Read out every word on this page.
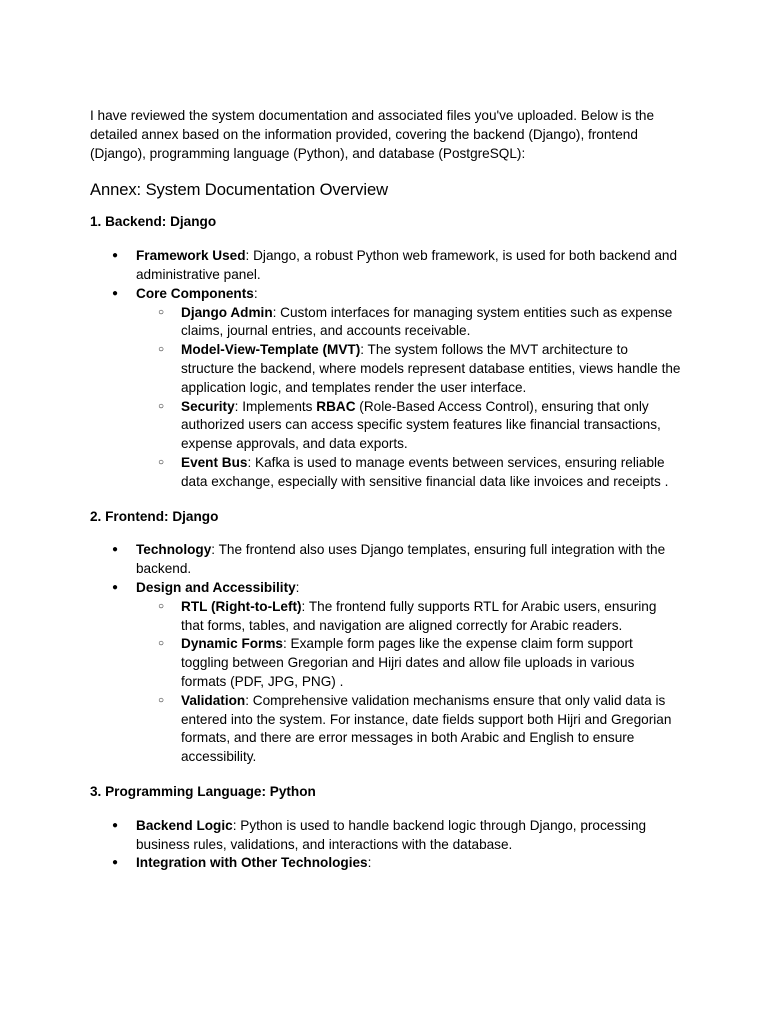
I have reviewed the system documentation and associated files you've uploaded. Below is the detailed annex based on the information provided, covering the backend (Django), frontend (Django), programming language (Python), and database (PostgreSQL):

Annex: System Documentation Overview
1. Backend: Django
● Framework Used: Django, a robust Python web framework, is used for both backend and administrative panel.
● Core Components:
○ Django Admin: Custom interfaces for managing system entities such as expense claims, journal entries, and accounts receivable.
○ Model-View-Template (MVT): The system follows the MVT architecture to structure the backend, where models represent database entities, views handle the application logic, and templates render the user interface.
○ Security: Implements RBAC (Role-Based Access Control), ensuring that only authorized users can access specific system features like financial transactions, expense approvals, and data exports.
○ Event Bus: Kafka is used to manage events between services, ensuring reliable data exchange, especially with sensitive financial data like invoices and receipts .
2. Frontend: Django
● Technology: The frontend also uses Django templates, ensuring full integration with the backend.
● Design and Accessibility:
○ RTL (Right-to-Left): The frontend fully supports RTL for Arabic users, ensuring that forms, tables, and navigation are aligned correctly for Arabic readers.
○ Dynamic Forms: Example form pages like the expense claim form support toggling between Gregorian and Hijri dates and allow file uploads in various formats (PDF, JPG, PNG) .
○ Validation: Comprehensive validation mechanisms ensure that only valid data is entered into the system. For instance, date fields support both Hijri and Gregorian formats, and there are error messages in both Arabic and English to ensure accessibility.
3. Programming Language: Python
● Backend Logic: Python is used to handle backend logic through Django, processing business rules, validations, and interactions with the database.
● Integration with Other Technologies:
